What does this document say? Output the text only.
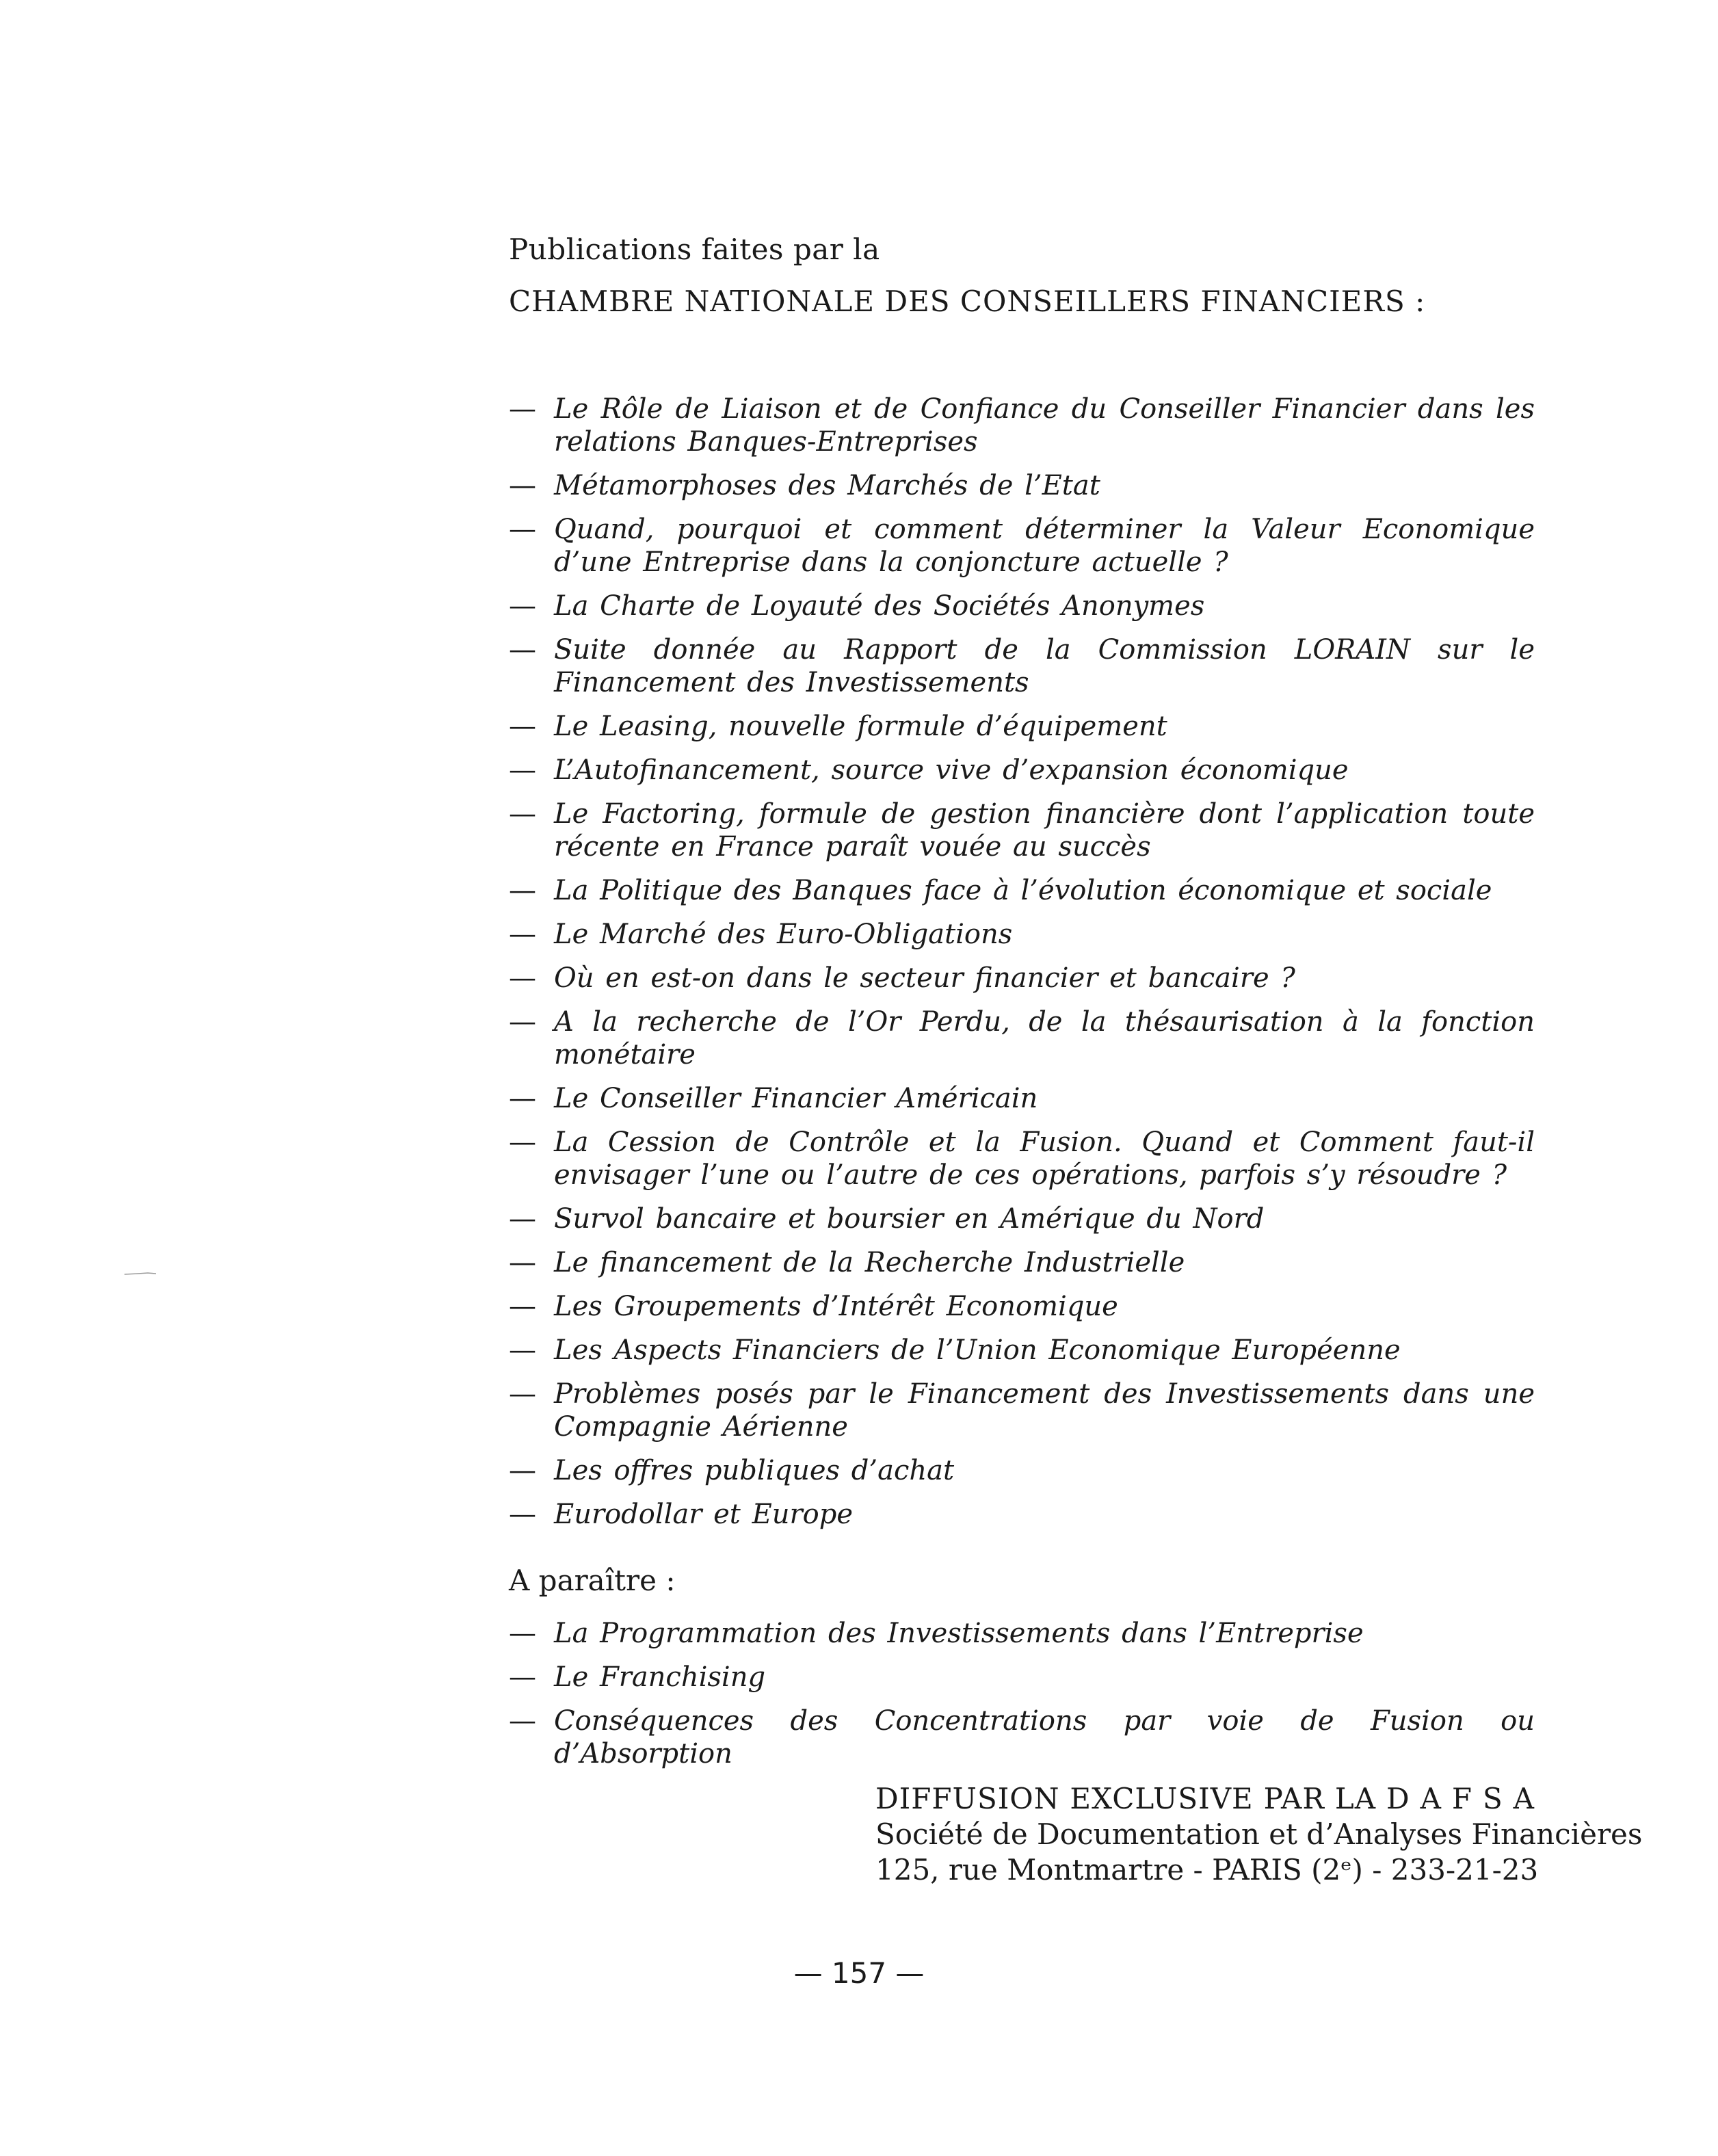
Publications faites par la
CHAMBRE NATIONALE DES CONSEILLERS FINANCIERS :
— Le Rôle de Liaison et de Confiance du Conseiller Financier dans les relations Banques-Entreprises
— Métamorphoses des Marchés de l’Etat
— Quand, pourquoi et comment déterminer la Valeur Economique d’une Entreprise dans la conjoncture actuelle ?
— La Charte de Loyauté des Sociétés Anonymes
— Suite donnée au Rapport de la Commission LORAIN sur le Financement des Investissements
— Le Leasing, nouvelle formule d’équipement
— L’Autofinancement, source vive d’expansion économique
— Le Factoring, formule de gestion financière dont l’application toute récente en France paraît vouée au succès
— La Politique des Banques face à l’évolution économique et sociale
— Le Marché des Euro-Obligations
— Où en est-on dans le secteur financier et bancaire ?
— A la recherche de l’Or Perdu, de la thésaurisation à la fonction monétaire
— Le Conseiller Financier Américain
— La Cession de Contrôle et la Fusion. Quand et Comment faut-il envisager l’une ou l’autre de ces opérations, parfois s’y résoudre ?
— Survol bancaire et boursier en Amérique du Nord
— Le financement de la Recherche Industrielle
— Les Groupements d’Intérêt Economique
— Les Aspects Financiers de l’Union Economique Européenne
— Problèmes posés par le Financement des Investissements dans une Compagnie Aérienne
— Les offres publiques d’achat
— Eurodollar et Europe
A paraître :
— La Programmation des Investissements dans l’Entreprise
— Le Franchising
— Conséquences des Concentrations par voie de Fusion ou d’Absorption
DIFFUSION EXCLUSIVE PAR LA D A F S A
Société de Documentation et d’Analyses Financières
125, rue Montmartre - PARIS (2ᵉ) - 233-21-23
— 157 —
